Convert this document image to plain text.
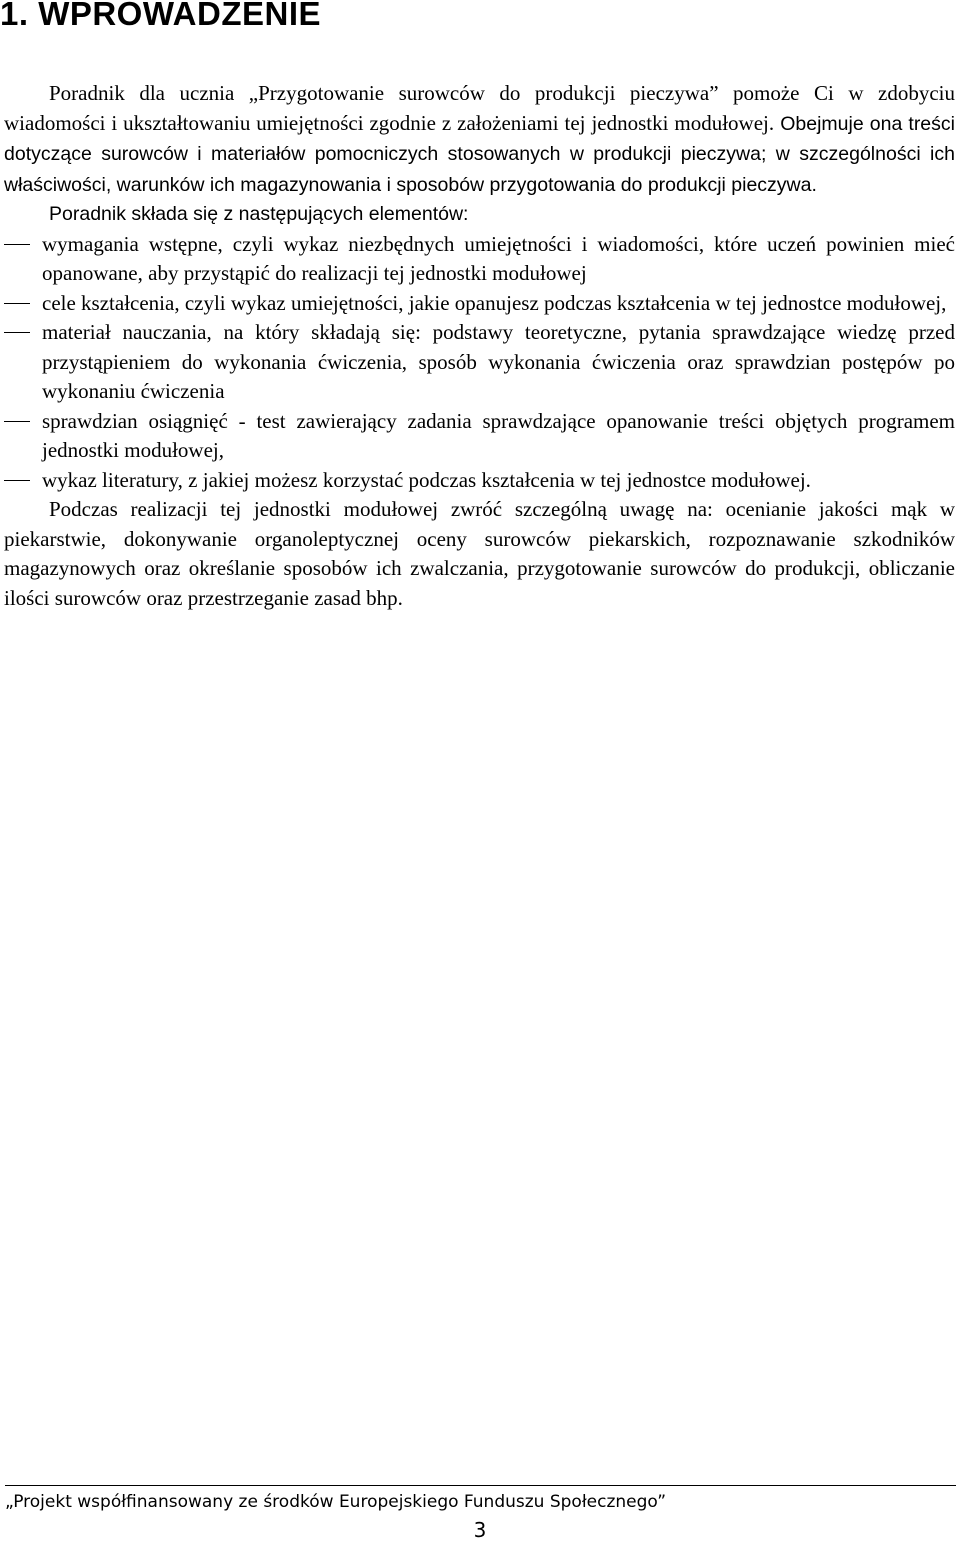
1. WPROWADZENIE

Poradnik dla ucznia „Przygotowanie surowców do produkcji pieczywa” pomoże Ci w zdobyciu wiadomości i ukształtowaniu umiejętności zgodnie z założeniami tej jednostki modułowej. Obejmuje ona treści dotyczące surowców i materiałów pomocniczych stosowanych w produkcji pieczywa; w szczególności ich właściwości, warunków ich magazynowania i sposobów przygotowania do produkcji pieczywa.

Poradnik składa się z następujących elementów:

wymagania wstępne, czyli wykaz niezbędnych umiejętności i wiadomości, które uczeń powinien mieć opanowane, aby przystąpić do realizacji tej jednostki modułowej
cele kształcenia, czyli wykaz umiejętności, jakie opanujesz podczas kształcenia w tej jednostce modułowej,
materiał nauczania, na który składają się: podstawy teoretyczne, pytania sprawdzające wiedzę przed przystąpieniem do wykonania ćwiczenia, sposób wykonania ćwiczenia oraz sprawdzian postępów po wykonaniu ćwiczenia
sprawdzian osiągnięć - test zawierający zadania sprawdzające opanowanie treści objętych programem jednostki modułowej,
wykaz literatury, z jakiej możesz korzystać podczas kształcenia w tej jednostce modułowej.

Podczas realizacji tej jednostki modułowej zwróć szczególną uwagę na: ocenianie jakości mąk w piekarstwie, dokonywanie organoleptycznej oceny surowców piekarskich, rozpoznawanie szkodników magazynowych oraz określanie sposobów ich zwalczania, przygotowanie surowców do produkcji, obliczanie ilości surowców oraz przestrzeganie zasad bhp.

„Projekt współfinansowany ze środków Europejskiego Funduszu Społecznego”

3
